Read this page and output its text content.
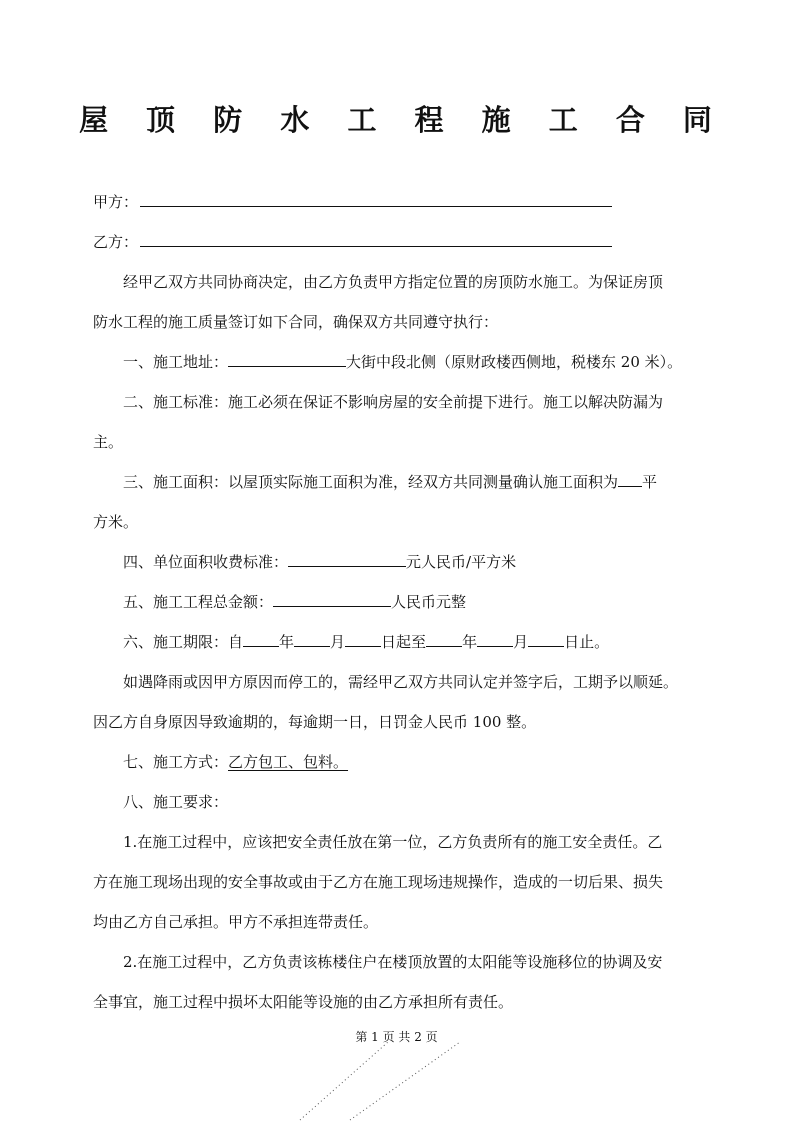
屋 顶 防 水 工 程 施 工 合 同
甲方：
乙方：
经甲乙双方共同协商决定，由乙方负责甲方指定位置的房顶防水施工。为保证房顶
防水工程的施工质量签订如下合同，确保双方共同遵守执行：
一、施工地址：	大街中段北侧（原财政楼西侧地，税楼东 20 米）。
二、施工标准：施工必须在保证不影响房屋的安全前提下进行。施工以解决防漏为
主。
三、施工面积：以屋顶实际施工面积为准，经双方共同测量确认施工面积为 平
方米。
四、单位面积收费标准：	元人民币/平方米
五、施工工程总金额：	人民币元整
六、施工期限：自 年 月 日起至 年 月 日止。
如遇降雨或因甲方原因而停工的，需经甲乙双方共同认定并签字后，工期予以顺延。
因乙方自身原因导致逾期的，每逾期一日，日罚金人民币 100 整。
七、施工方式：乙方包工、包料。
八、施工要求：
1.在施工过程中，应该把安全责任放在第一位，乙方负责所有的施工安全责任。乙
方在施工现场出现的安全事故或由于乙方在施工现场违规操作，造成的一切后果、损失
均由乙方自己承担。甲方不承担连带责任。
2.在施工过程中，乙方负责该栋楼住户在楼顶放置的太阳能等设施移位的协调及安
全事宜，施工过程中损坏太阳能等设施的由乙方承担所有责任。
第 1 页 共 2 页
